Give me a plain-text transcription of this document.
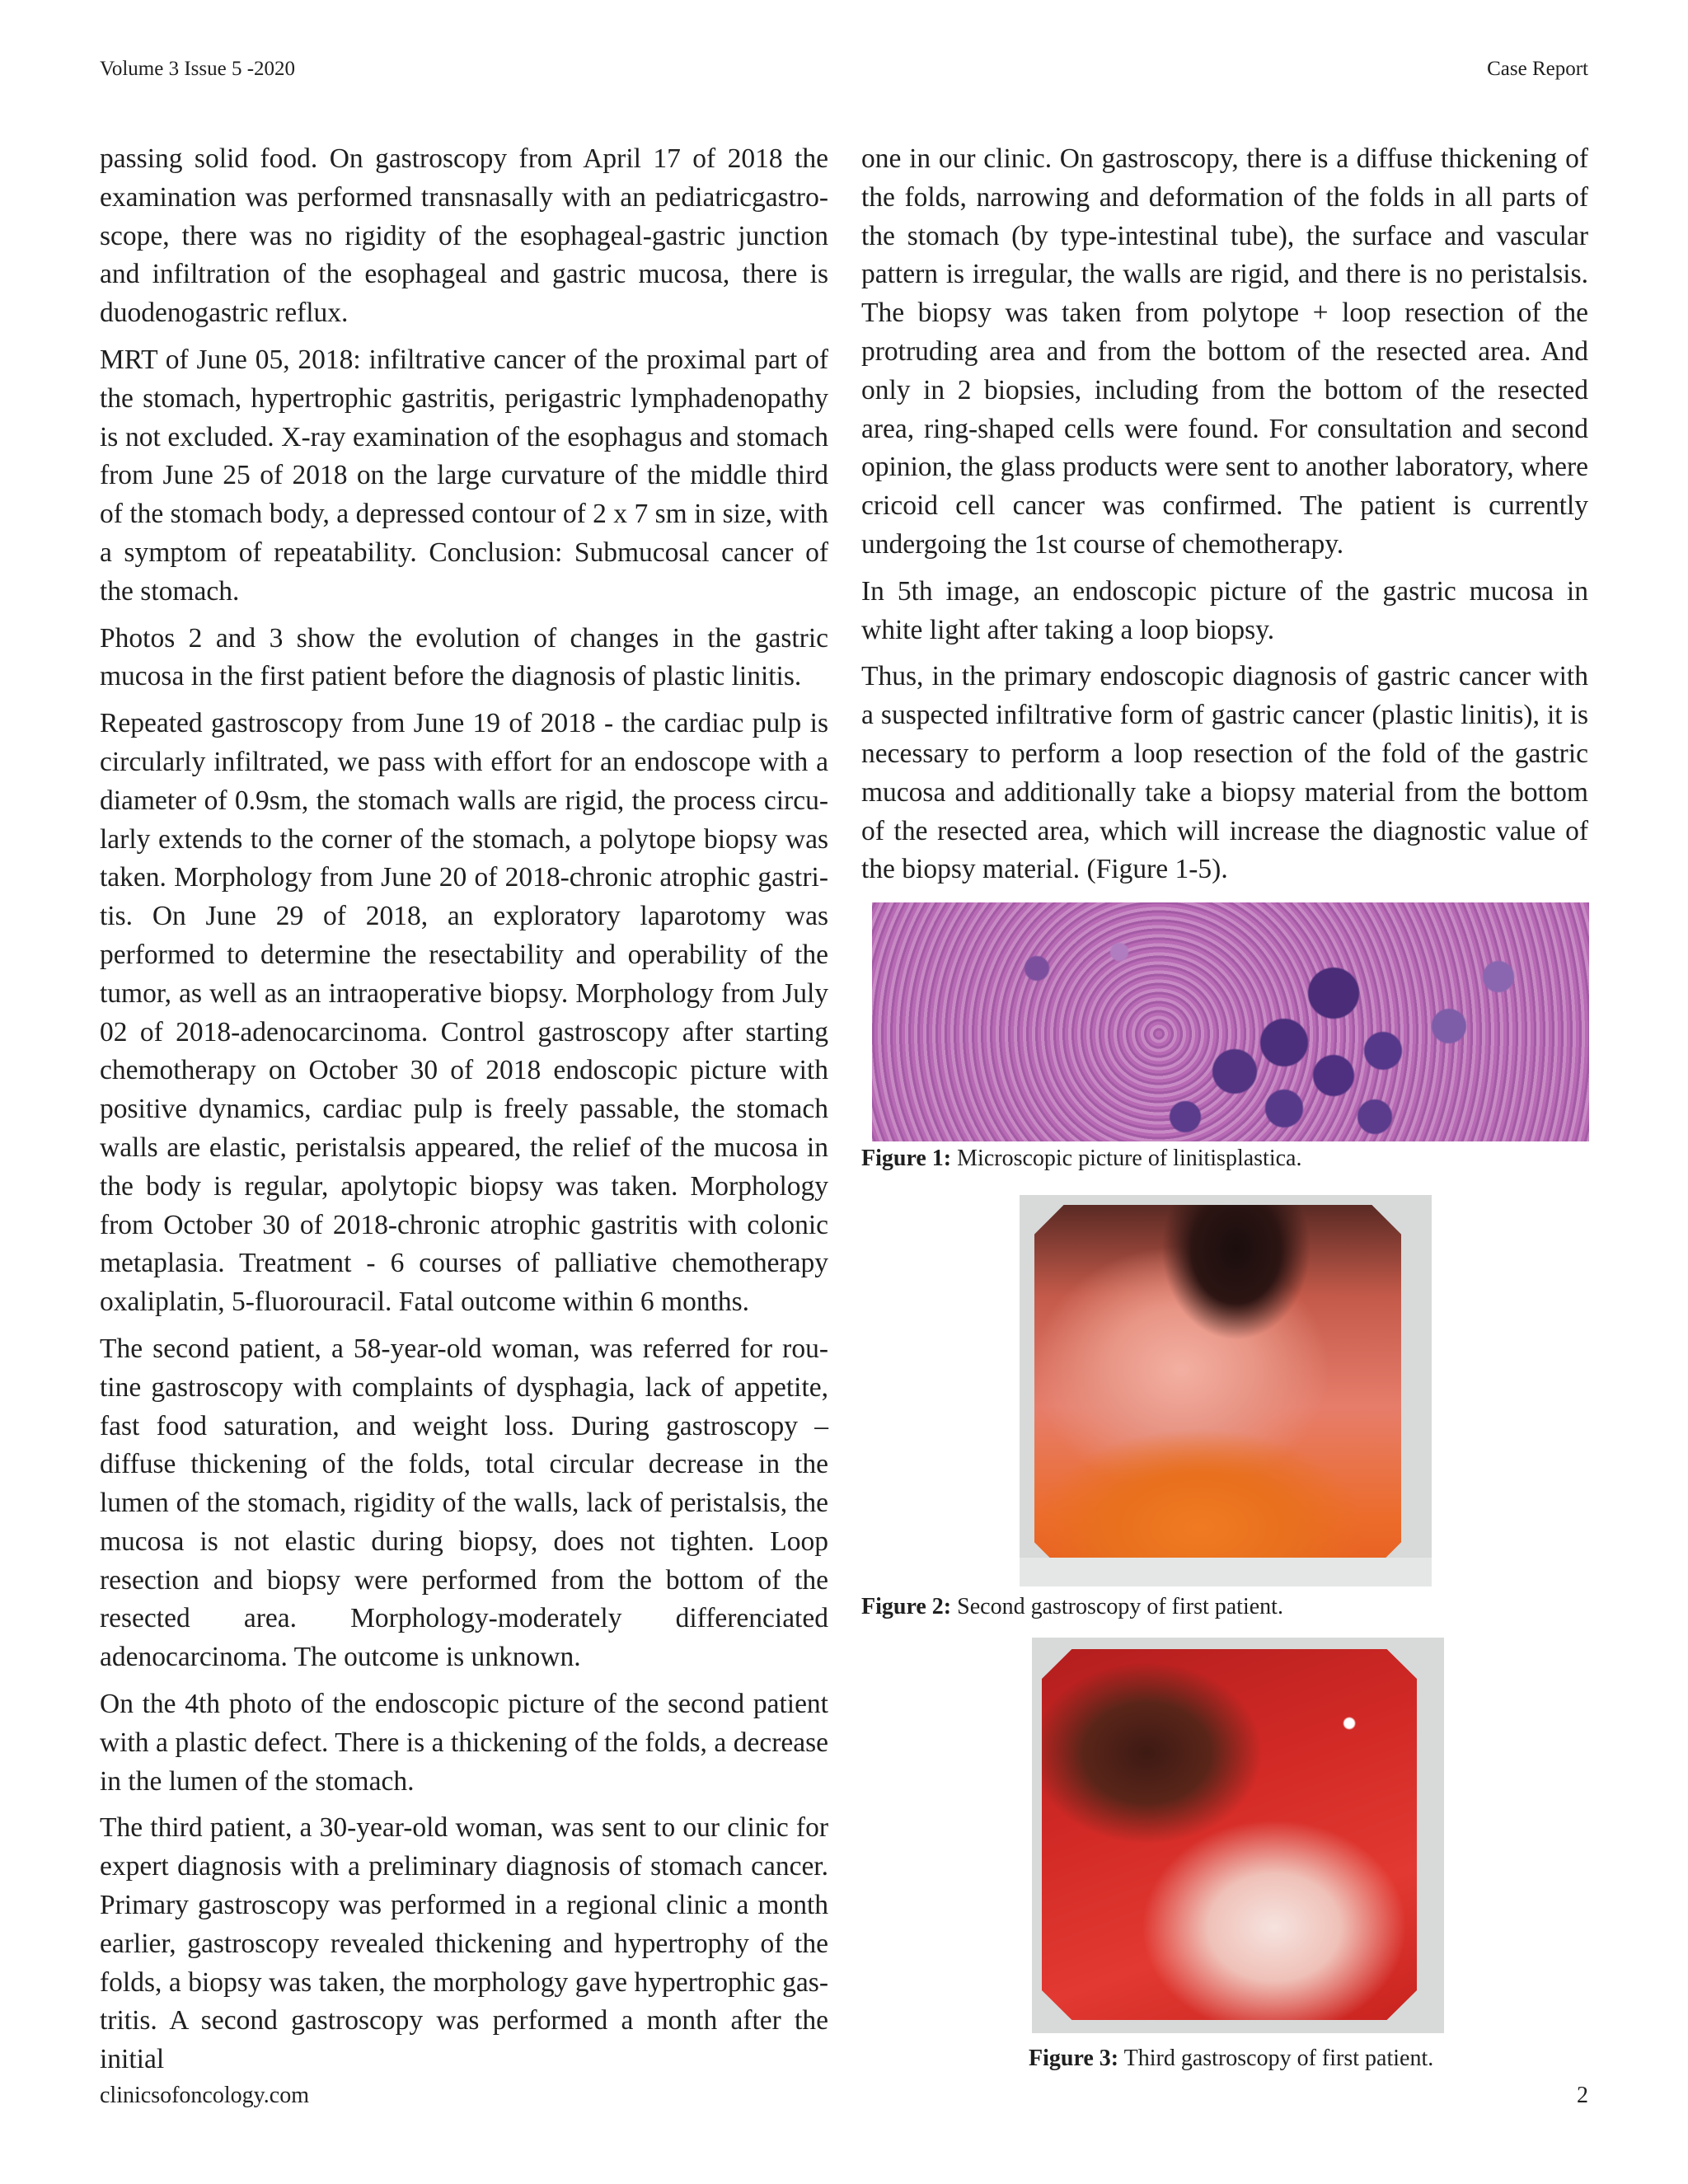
Volume 3 Issue 5 -2020	Case Report

passing solid food. On gastroscopy from April 17 of 2018 the examination was performed transnasally with an pediatricgastroscope, there was no rigidity of the esophageal-gastric junction and infiltration of the esophageal and gastric mucosa, there is duodenogastric reflux.

MRT of June 05, 2018: infiltrative cancer of the proximal part of the stomach, hypertrophic gastritis, perigastric lymphadenopathy is not excluded. X-ray examination of the esophagus and stomach from June 25 of 2018 on the large curvature of the middle third of the stomach body, a depressed contour of 2 x 7 sm in size, with a symptom of repeatability. Conclusion: Submucosal cancer of the stomach.

Photos 2 and 3 show the evolution of changes in the gastric mucosa in the first patient before the diagnosis of plastic linitis.

Repeated gastroscopy from June 19 of 2018 - the cardiac pulp is circularly infiltrated, we pass with effort for an endoscope with a diameter of 0.9sm, the stomach walls are rigid, the process circularly extends to the corner of the stomach, a polytope biopsy was taken. Morphology from June 20 of 2018-chronic atrophic gastritis. On June 29 of 2018, an exploratory laparotomy was performed to determine the resectability and operability of the tumor, as well as an intraoperative biopsy. Morphology from July 02 of 2018-adenocarcinoma. Control gastroscopy after starting chemotherapy on October 30 of 2018 endoscopic picture with positive dynamics, cardiac pulp is freely passable, the stomach walls are elastic, peristalsis appeared, the relief of the mucosa in the body is regular, apolytopic biopsy was taken. Morphology from October 30 of 2018-chronic atrophic gastritis with colonic metaplasia. Treatment - 6 courses of palliative chemotherapy oxaliplatin, 5-fluorouracil. Fatal outcome within 6 months.

The second patient, a 58-year-old woman, was referred for routine gastroscopy with complaints of dysphagia, lack of appetite, fast food saturation, and weight loss. During gastroscopy – diffuse thickening of the folds, total circular decrease in the lumen of the stomach, rigidity of the walls, lack of peristalsis, the mucosa is not elastic during biopsy, does not tighten. Loop resection and biopsy were performed from the bottom of the resected area. Morphology-moderately differenciated adenocarcinoma. The outcome is unknown.

On the 4th photo of the endoscopic picture of the second patient with a plastic defect. There is a thickening of the folds, a decrease in the lumen of the stomach.

The third patient, a 30-year-old woman, was sent to our clinic for expert diagnosis with a preliminary diagnosis of stomach cancer. Primary gastroscopy was performed in a regional clinic a month earlier, gastroscopy revealed thickening and hypertrophy of the folds, a biopsy was taken, the morphology gave hypertrophic gastritis. A second gastroscopy was performed a month after the initial

one in our clinic. On gastroscopy, there is a diffuse thickening of the folds, narrowing and deformation of the folds in all parts of the stomach (by type-intestinal tube), the surface and vascular pattern is irregular, the walls are rigid, and there is no peristalsis. The biopsy was taken from polytope + loop resection of the protruding area and from the bottom of the resected area. And only in 2 biopsies, including from the bottom of the resected area, ring-shaped cells were found. For consultation and second opinion, the glass products were sent to another laboratory, where cricoid cell cancer was confirmed. The patient is currently undergoing the 1st course of chemotherapy.

In 5th image, an endoscopic picture of the gastric mucosa in white light after taking a loop biopsy.

Thus, in the primary endoscopic diagnosis of gastric cancer with a suspected infiltrative form of gastric cancer (plastic linitis), it is necessary to perform a loop resection of the fold of the gastric mucosa and additionally take a biopsy material from the bottom of the resected area, which will increase the diagnostic value of the biopsy material. (Figure 1-5).

Figure 1: Microscopic picture of linitisplastica.
Figure 2: Second gastroscopy of first patient.
Figure 3: Third gastroscopy of first patient.
clinicsofoncology.com	2
